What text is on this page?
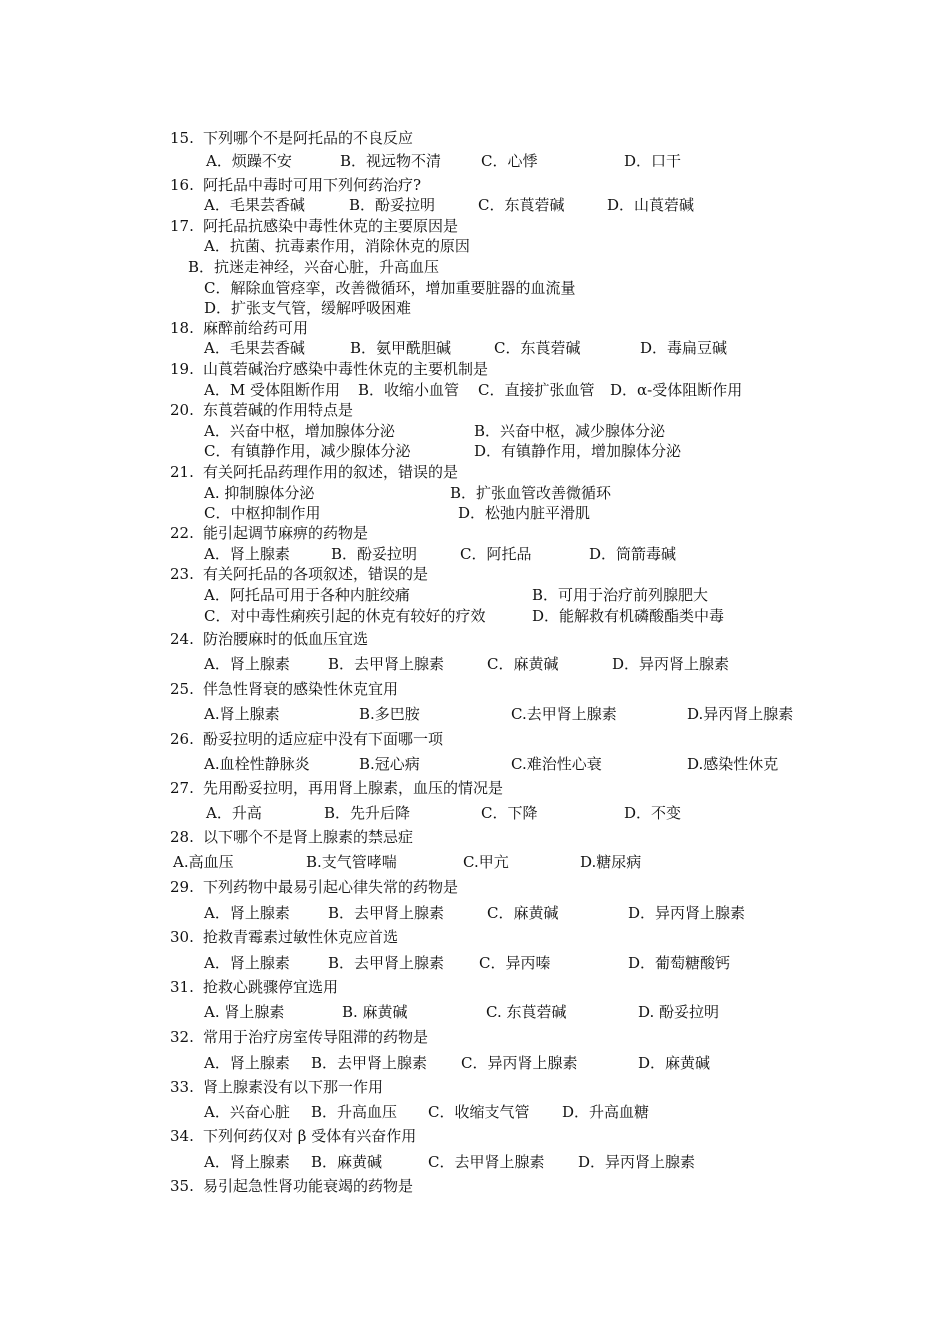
15. 下列哪个不是阿托品的不良反应
A．烦躁不安	B．视远物不清	C．心悸	D．口干
16. 阿托品中毒时可用下列何药治疗?
A．毛果芸香碱	B．酚妥拉明	C．东莨菪碱	D．山莨菪碱
17. 阿托品抗感染中毒性休克的主要原因是
A．抗菌、抗毒素作用，消除休克的原因
B．抗迷走神经，兴奋心脏，升高血压
C．解除血管痉挛，改善微循环，增加重要脏器的血流量
D．扩张支气管，缓解呼吸困难
18. 麻醉前给药可用
A．毛果芸香碱	B．氨甲酰胆碱	C．东莨菪碱	D．毒扁豆碱
19. 山莨菪碱治疗感染中毒性休克的主要机制是
A．M 受体阻断作用 B．收缩小血管 C．直接扩张血管 D．α-受体阻断作用
20. 东莨菪碱的作用特点是
A．兴奋中枢，增加腺体分泌	B．兴奋中枢，减少腺体分泌
C．有镇静作用，减少腺体分泌	D．有镇静作用，增加腺体分泌
21. 有关阿托品药理作用的叙述，错误的是
A. 抑制腺体分泌	B．扩张血管改善微循环
C．中枢抑制作用	D．松弛内脏平滑肌
22. 能引起调节麻痹的药物是
A．肾上腺素	B．酚妥拉明	C．阿托品	D．筒箭毒碱
23. 有关阿托品的各项叙述，错误的是
A．阿托品可用于各种内脏绞痛	B．可用于治疗前列腺肥大
C．对中毒性痢疾引起的休克有较好的疗效	D．能解救有机磷酸酯类中毒
24. 防治腰麻时的低血压宜选
A．肾上腺素	B．去甲肾上腺素	C．麻黄碱	D．异丙肾上腺素
25. 伴急性肾衰的感染性休克宜用
A.肾上腺素	B.多巴胺	C.去甲肾上腺素	D.异丙肾上腺素
26. 酚妥拉明的适应症中没有下面哪一项
A.血栓性静脉炎	B.冠心病	C.难治性心衰	D.感染性休克
27. 先用酚妥拉明，再用肾上腺素，血压的情况是
A．升高	B．先升后降	C．下降	D．不变
28. 以下哪个不是肾上腺素的禁忌症
A.高血压	B.支气管哮喘	C.甲亢	D.糖尿病
29. 下列药物中最易引起心律失常的药物是
A．肾上腺素	B．去甲肾上腺素	C．麻黄碱	D．异丙肾上腺素
30. 抢救青霉素过敏性休克应首选
A．肾上腺素	B．去甲肾上腺素 C．异丙嗪	D．葡萄糖酸钙
31. 抢救心跳骤停宜选用
A. 肾上腺素	B. 麻黄碱	C. 东莨菪碱	D. 酚妥拉明
32. 常用于治疗房室传导阻滞的药物是
A．肾上腺素 B．去甲肾上腺素 C．异丙肾上腺素	D．麻黄碱
33. 肾上腺素没有以下那一作用
A．兴奋心脏 B．升高血压 C．收缩支气管 D．升高血糖
34. 下列何药仅对 β 受体有兴奋作用
A．肾上腺素 B．麻黄碱	C．去甲肾上腺素 D．异丙肾上腺素
35. 易引起急性肾功能衰竭的药物是
